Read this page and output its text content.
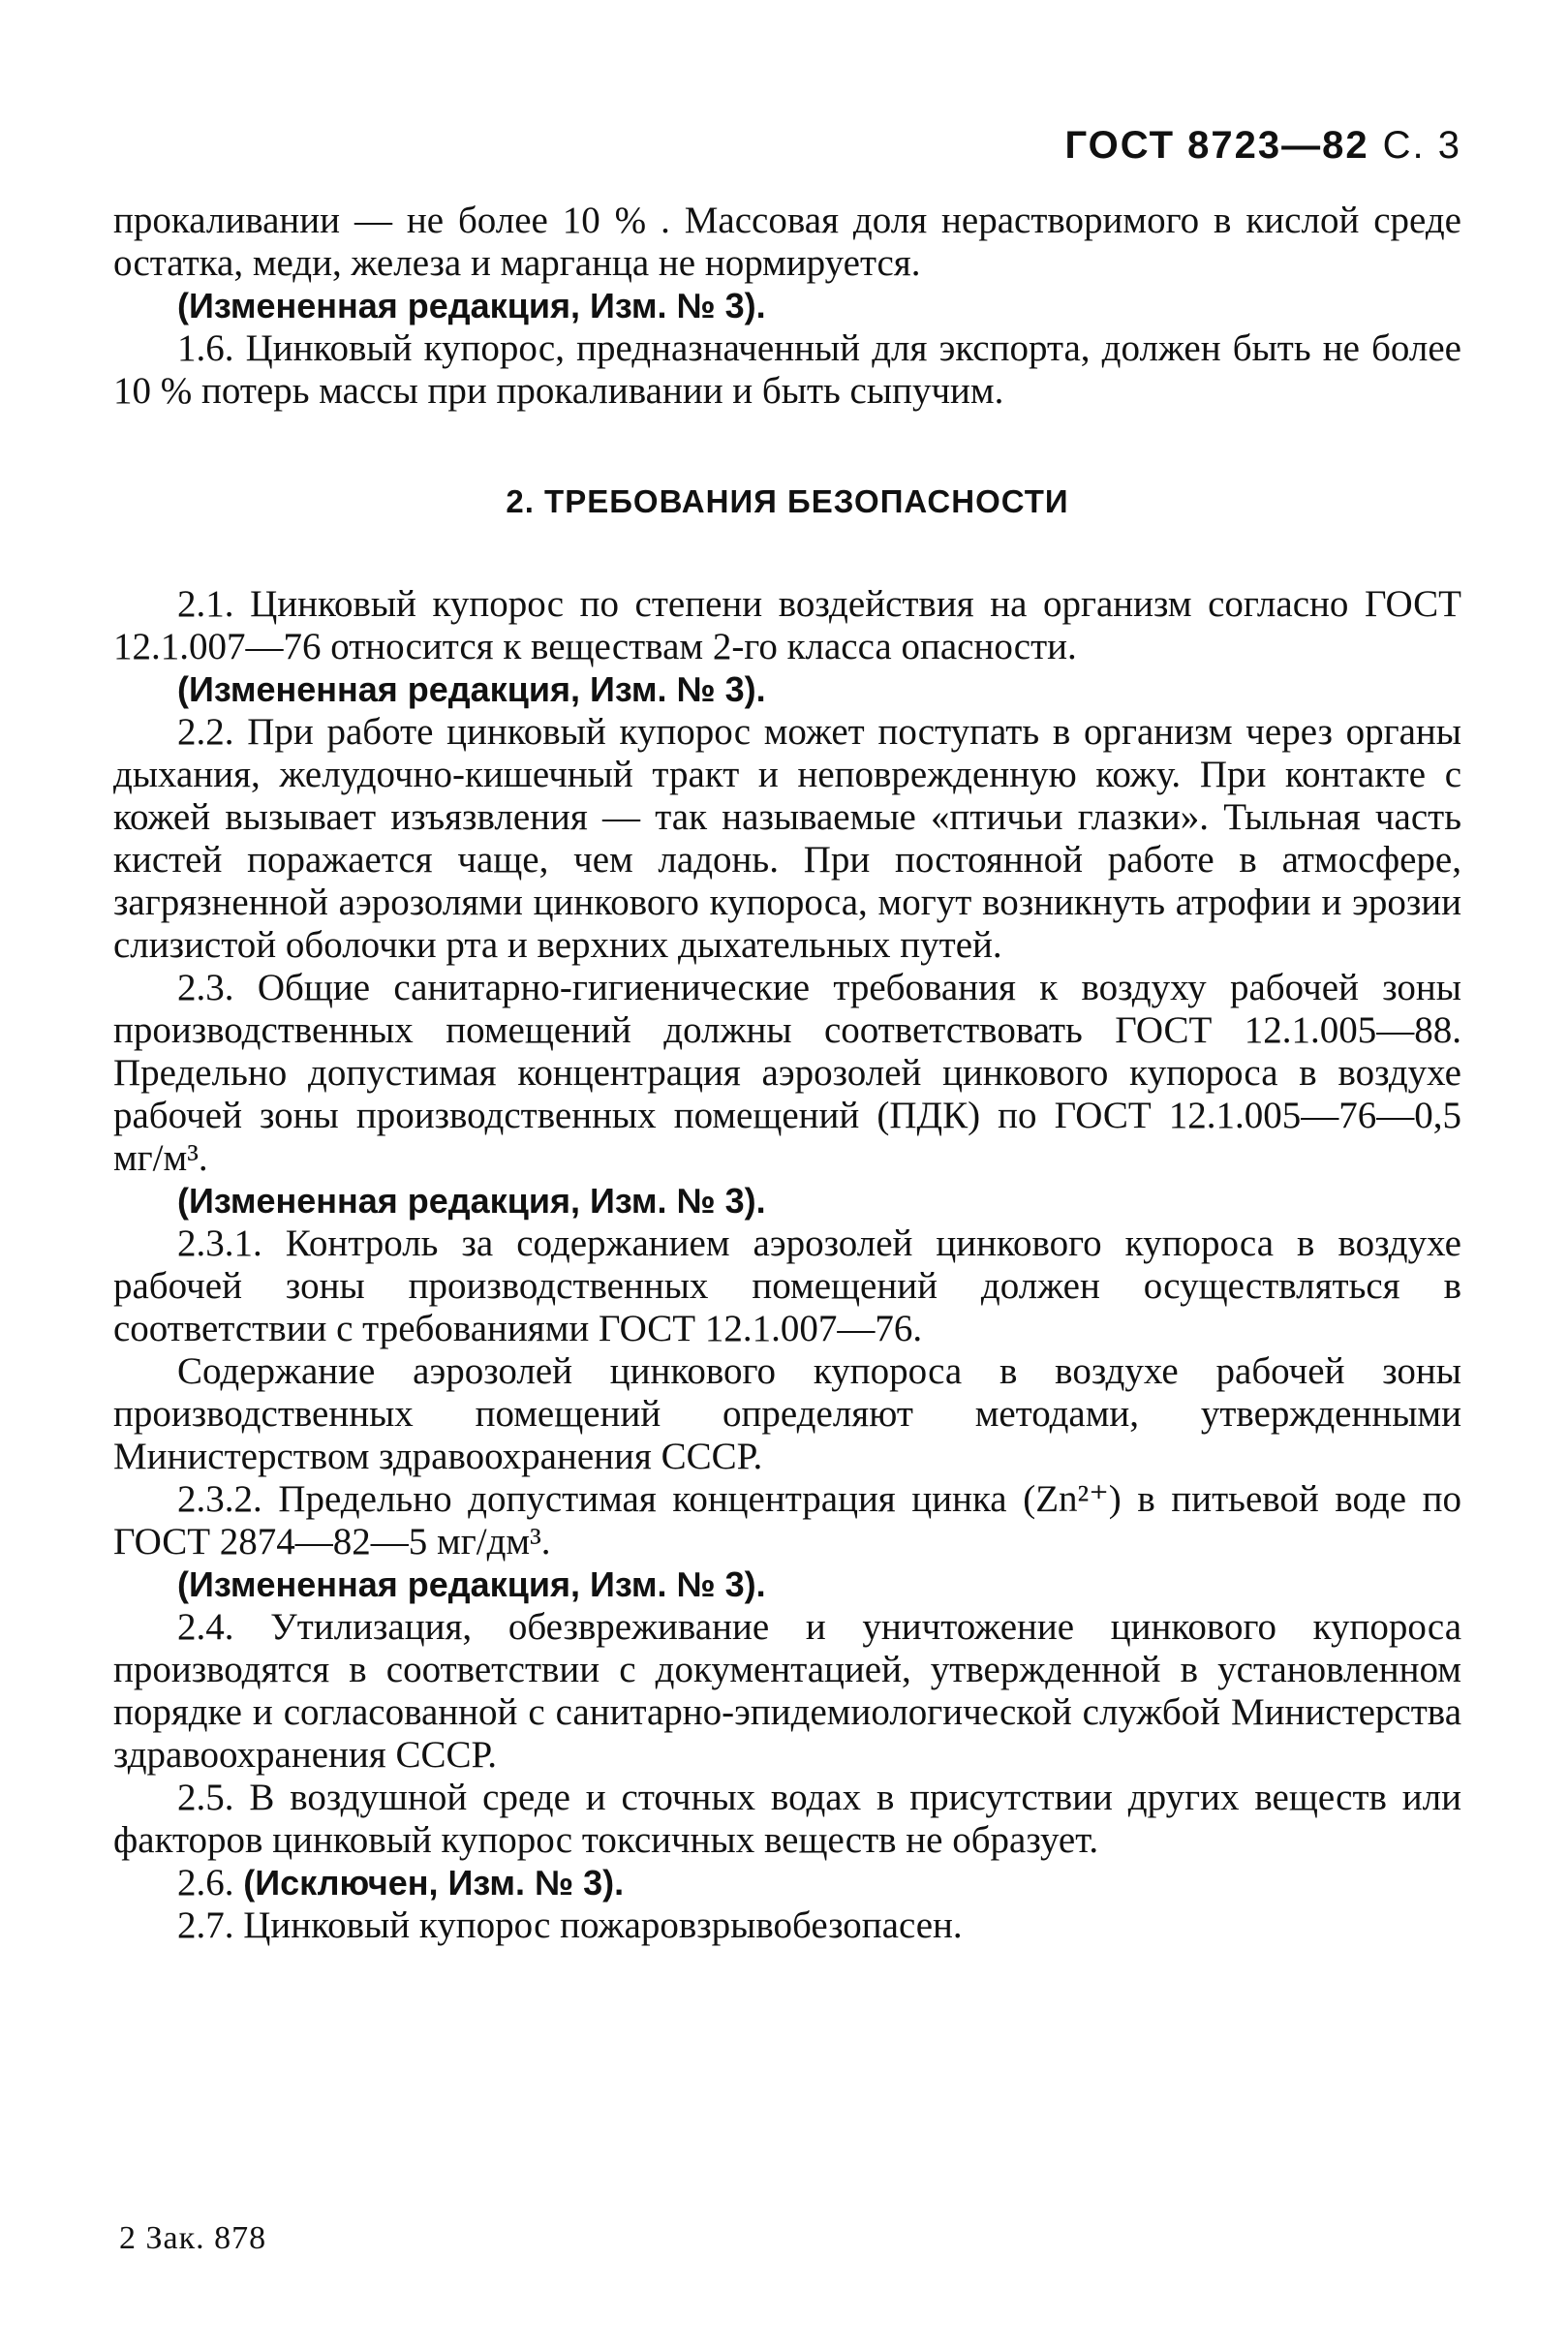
ГОСТ 8723—82 С. 3

прокаливании — не более 10 % . Массовая доля нерастворимого в кислой среде остатка, меди, железа и марганца не нормируется.

(Измененная редакция, Изм. № 3).

1.6. Цинковый купорос, предназначенный для экспорта, должен быть не более 10 % потерь массы при прокаливании и быть сыпучим.

2. ТРЕБОВАНИЯ БЕЗОПАСНОСТИ

2.1. Цинковый купорос по степени воздействия на организм согласно ГОСТ 12.1.007—76 относится к веществам 2-го класса опасности.

(Измененная редакция, Изм. № 3).

2.2. При работе цинковый купорос может поступать в организм через органы дыхания, желудочно-кишечный тракт и неповрежденную кожу. При контакте с кожей вызывает изъязвления — так называемые «птичьи глазки». Тыльная часть кистей поражается чаще, чем ладонь. При постоянной работе в атмосфере, загрязненной аэрозолями цинкового купороса, могут возникнуть атрофии и эрозии слизистой оболочки рта и верхних дыхательных путей.

2.3. Общие санитарно-гигиенические требования к воздуху рабочей зоны производственных помещений должны соответствовать ГОСТ 12.1.005—88. Предельно допустимая концентрация аэрозолей цинкового купороса в воздухе рабочей зоны производственных помещений (ПДК) по ГОСТ 12.1.005—76—0,5 мг/м³.

(Измененная редакция, Изм. № 3).

2.3.1. Контроль за содержанием аэрозолей цинкового купороса в воздухе рабочей зоны производственных помещений должен осуществляться в соответствии с требованиями ГОСТ 12.1.007—76.

Содержание аэрозолей цинкового купороса в воздухе рабочей зоны производственных помещений определяют методами, утвержденными Министерством здравоохранения СССР.

2.3.2. Предельно допустимая концентрация цинка (Zn²⁺) в питьевой воде по ГОСТ 2874—82—5 мг/дм³.

(Измененная редакция, Изм. № 3).

2.4. Утилизация, обезвреживание и уничтожение цинкового купороса производятся в соответствии с документацией, утвержденной в установленном порядке и согласованной с санитарно-эпидемиологической службой Министерства здравоохранения СССР.

2.5. В воздушной среде и сточных водах в присутствии других веществ или факторов цинковый купорос токсичных веществ не образует.

2.6. (Исключен, Изм. № 3).

2.7. Цинковый купорос пожаровзрывобезопасен.

2 Зак. 878
